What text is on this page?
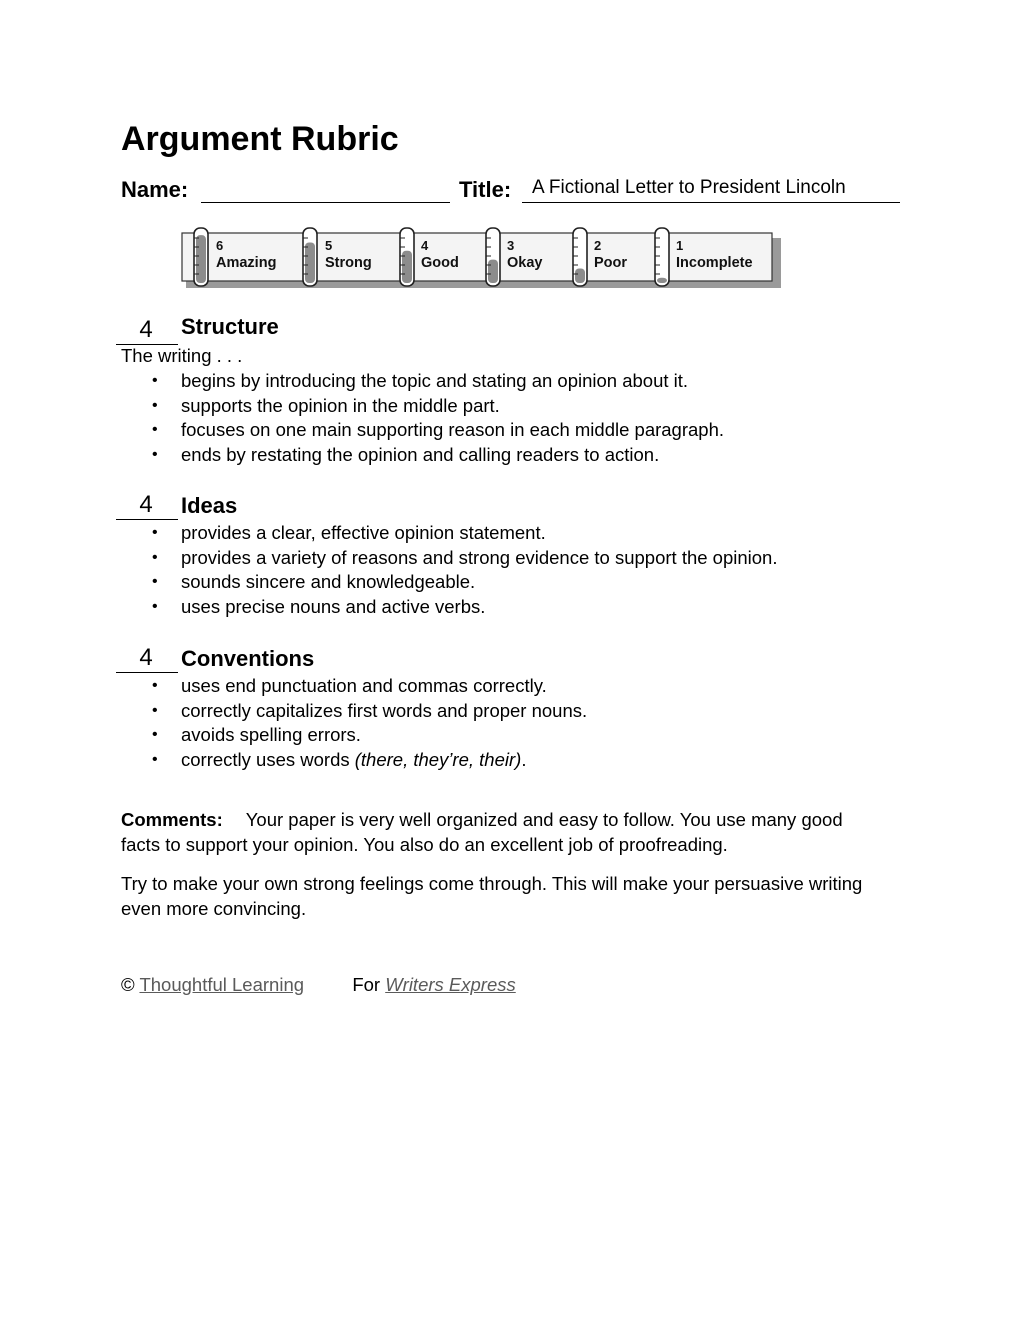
Argument Rubric
Name:	Title: A Fictional Letter to President Lincoln
6
Amazing
5
Strong
4
Good
3
Okay
2
Poor
1
Incomplete
4	Structure
The writing . . .
• begins by introducing the topic and stating an opinion about it.
• supports the opinion in the middle part.
• focuses on one main supporting reason in each middle paragraph.
• ends by restating the opinion and calling readers to action.
4	Ideas
• provides a clear, effective opinion statement.
• provides a variety of reasons and strong evidence to support the opinion.
• sounds sincere and knowledgeable.
• uses precise nouns and active verbs.
4	Conventions
• uses end punctuation and commas correctly.
• correctly capitalizes first words and proper nouns.
• avoids spelling errors.
• correctly uses words (there, they’re, their).
Comments: Your paper is very well organized and easy to follow. You use many good facts to support your opinion. You also do an excellent job of proofreading.
Try to make your own strong feelings come through. This will make your persuasive writing even more convincing.
© Thoughtful Learning	For Writers Express
